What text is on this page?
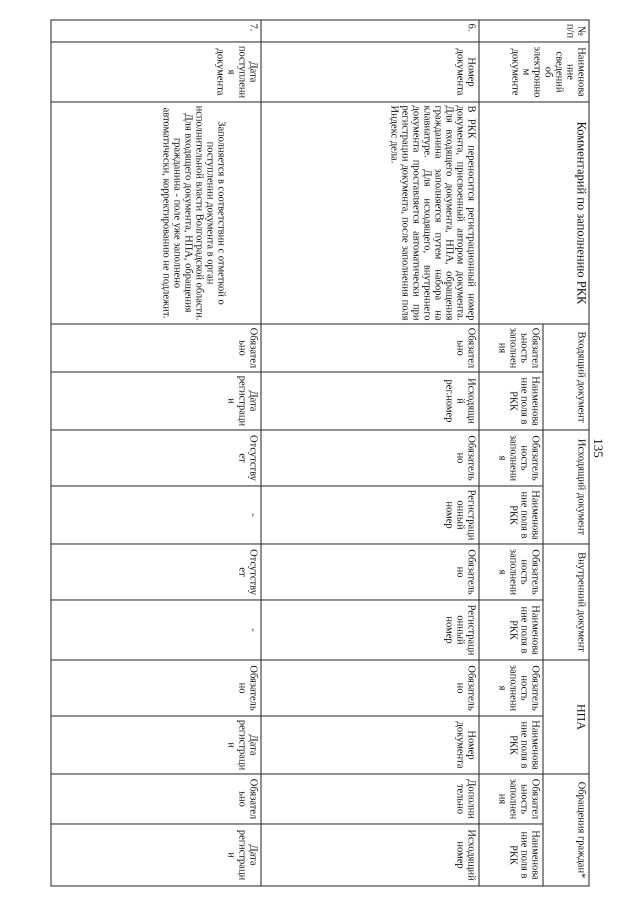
135
№ п/п	Наименование сведений об электронном документе	Комментарий по заполнению РКК	Входящий документ		Исходящий документ		Внутренний документ		НПА		Обращения граждан*	
			Обязательность заполнения	Наименование поля в РКК	Обязательность заполнения	Наименование поля в РКК	Обязательность заполнения	Наименование поля в РКК	Обязательность заполнения	Наименование поля в РКК	Обязательность заполнения	Наименование поля в РКК
6.	Номер документа	В РКК переносится регистрационный номер документа, присвоенный автором документа. Для входящего документа, НПА, обращения гражданина заполняется путем набора на клавиатуре. Для исходящего, внутреннего документа проставляется автоматически при регистрации документа, после заполнения поля Индекс дела.	Обязательно	Исходящий рег.номер	Обязательно	Регистрационный номер	Обязательно	Регистрационный номер	Обязательно	Номер документа	Дополнительно	Исходящий номер
7.	Дата поступления документа	Заполняется в соответствии с отметкой о поступлении документа в орган исполнительной власти Волгоградской области. Для входящего документа, НПА, обращения гражданина - поле уже заполнено автоматически, корректированию не подлежит.	Обязательно	Дата регистрации	Отсутствует	-	Отсутствует	-	Обязательно	Дата регистрации	Обязательно	Дата регистрации
